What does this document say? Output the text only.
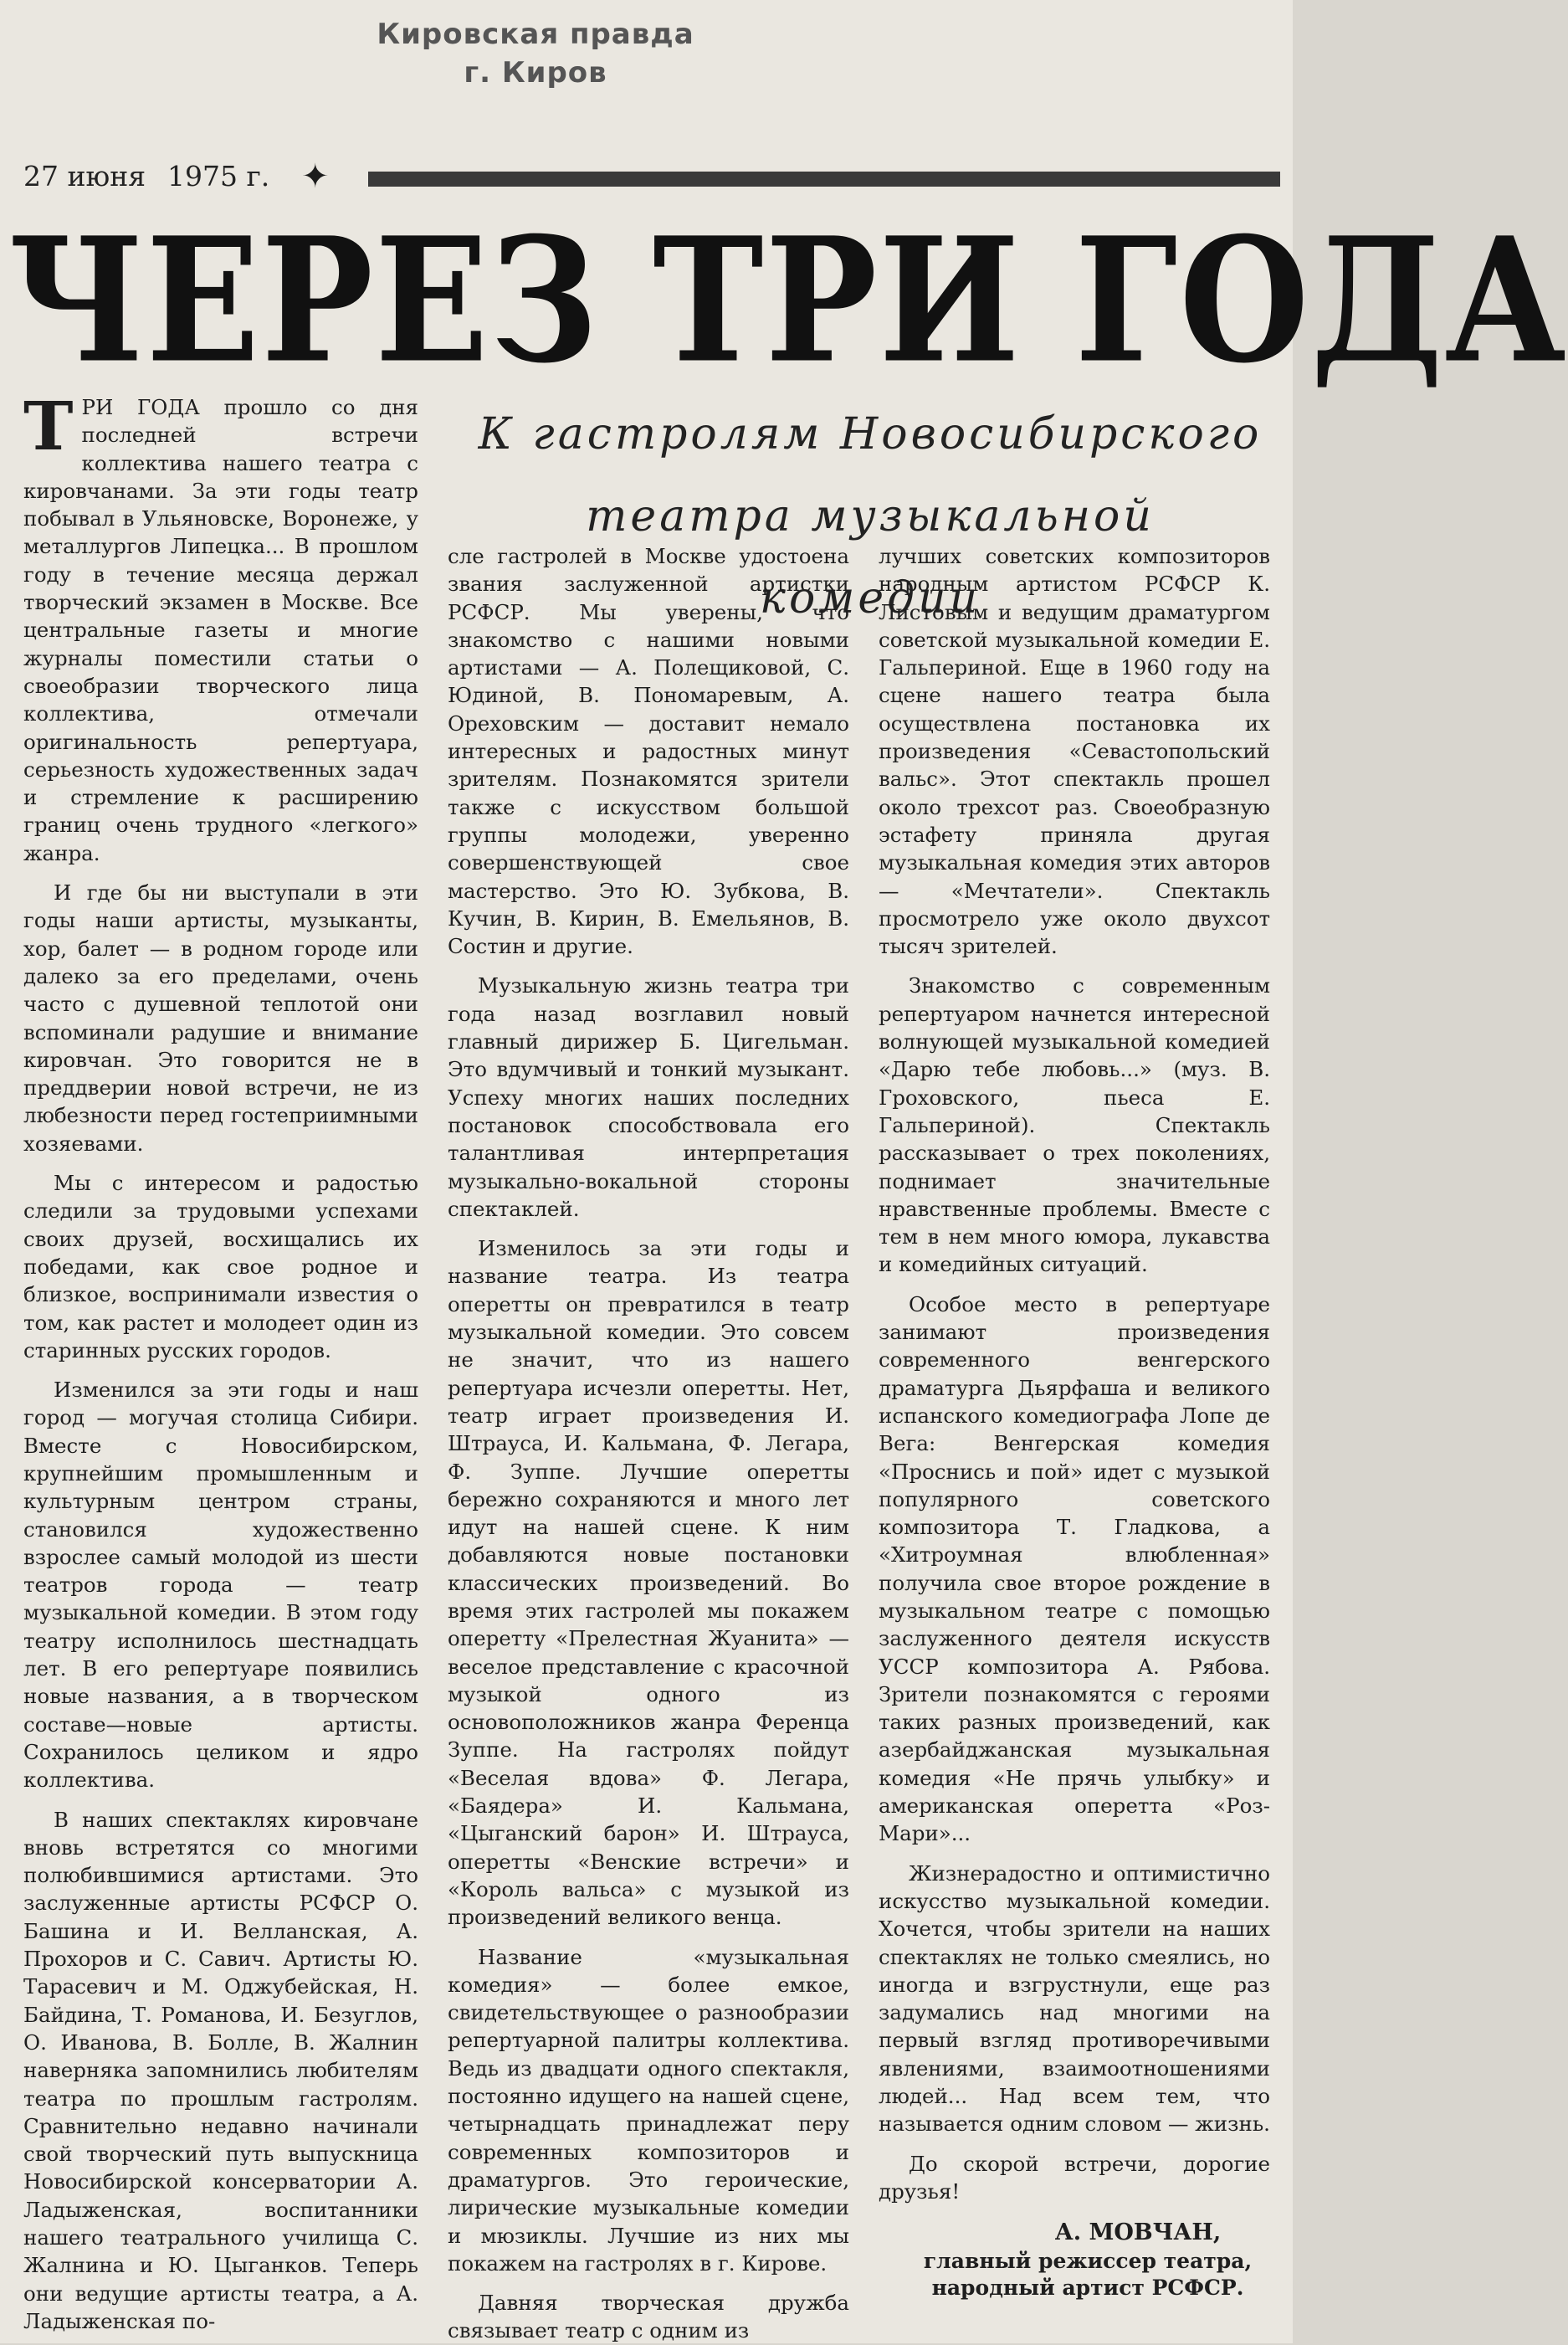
Кировская правда
г. Киров
27 июня 1975 г. ✦
ЧЕРЕЗ ТРИ ГОДА
К гастролям Новосибирского
театра музыкальной комедии

ТРИ ГОДА прошло со дня последней встречи коллектива нашего театра с кировчанами. За эти годы театр побывал в Ульяновске, Воронеже, у металлургов Липецка... В прошлом году в течение месяца держал творческий экзамен в Москве. Все центральные газеты и многие журналы поместили статьи о своеобразии творческого лица коллектива, отмечали оригинальность репертуара, серьезность художественных задач и стремление к расширению границ очень трудного «легкого» жанра.

И где бы ни выступали в эти годы наши артисты, музыканты, хор, балет — в родном городе или далеко за его пределами, очень часто с душевной теплотой они вспоминали радушие и внимание кировчан. Это говорится не в преддверии новой встречи, не из любезности перед гостеприимными хозяевами.

Мы с интересом и радостью следили за трудовыми успехами своих друзей, восхищались их победами, как свое родное и близкое, воспринимали известия о том, как растет и молодеет один из старинных русских городов.

Изменился за эти годы и наш город — могучая столица Сибири. Вместе с Новосибирском, крупнейшим промышленным и культурным центром страны, становился художественно взрослее самый молодой из шести театров города — театр музыкальной комедии. В этом году театру исполнилось шестнадцать лет. В его репертуаре появились новые названия, а в творческом составе—новые артисты. Сохранилось целиком и ядро коллектива.

В наших спектаклях кировчане вновь встретятся со многими полюбившимися артистами. Это заслуженные артисты РСФСР О. Башина и И. Велланская, А. Прохоров и С. Савич. Артисты Ю. Тарасевич и М. Оджубейская, Н. Байдина, Т. Романова, И. Безуглов, О. Иванова, В. Болле, В. Жалнин наверняка запомнились любителям театра по прошлым гастролям. Сравнительно недавно начинали свой творческий путь выпускница Новосибирской консерватории А. Ладыженская, воспитанники нашего театрального училища С. Жалнина и Ю. Цыганков. Теперь они ведущие артисты театра, а А. Ладыженская по-

сле гастролей в Москве удостоена звания заслуженной артистки РСФСР. Мы уверены, что знакомство с нашими новыми артистами — А. Полещиковой, С. Юдиной, В. Пономаревым, А. Ореховским — доставит немало интересных и радостных минут зрителям. Познакомятся зрители также с искусством большой группы молодежи, уверенно совершенствующей свое мастерство. Это Ю. Зубкова, В. Кучин, В. Кирин, В. Емельянов, В. Состин и другие.

Музыкальную жизнь театра три года назад возглавил новый главный дирижер Б. Цигельман. Это вдумчивый и тонкий музыкант. Успеху многих наших последних постановок способствовала его талантливая интерпретация музыкально-вокальной стороны спектаклей.

Изменилось за эти годы и название театра. Из театра оперетты он превратился в театр музыкальной комедии. Это совсем не значит, что из нашего репертуара исчезли оперетты. Нет, театр играет произведения И. Штрауса, И. Кальмана, Ф. Легара, Ф. Зуппе. Лучшие оперетты бережно сохраняются и много лет идут на нашей сцене. К ним добавляются новые постановки классических произведений. Во время этих гастролей мы покажем оперетту «Прелестная Жуанита» — веселое представление с красочной музыкой одного из основоположников жанра Ференца Зуппе. На гастролях пойдут «Веселая вдова» Ф. Легара, «Баядера» И. Кальмана, «Цыганский барон» И. Штрауса, оперетты «Венские встречи» и «Король вальса» с музыкой из произведений великого венца.

Название «музыкальная комедия» — более емкое, свидетельствующее о разнообразии репертуарной палитры коллектива. Ведь из двадцати одного спектакля, постоянно идущего на нашей сцене, четырнадцать принадлежат перу современных композиторов и драматургов. Это героические, лирические музыкальные комедии и мюзиклы. Лучшие из них мы покажем на гастролях в г. Кирове.

Давняя творческая дружба связывает театр с одним из

лучших советских композиторов народным артистом РСФСР К. Листовым и ведущим драматургом советской музыкальной комедии Е. Гальпериной. Еще в 1960 году на сцене нашего театра была осуществлена постановка их произведения «Севастопольский вальс». Этот спектакль прошел около трехсот раз. Своеобразную эстафету приняла другая музыкальная комедия этих авторов — «Мечтатели». Спектакль просмотрело уже около двухсот тысяч зрителей.

Знакомство с современным репертуаром начнется интересной волнующей музыкальной комедией «Дарю тебе любовь...» (муз. В. Гроховского, пьеса Е. Гальпериной). Спектакль рассказывает о трех поколениях, поднимает значительные нравственные проблемы. Вместе с тем в нем много юмора, лукавства и комедийных ситуаций.

Особое место в репертуаре занимают произведения современного венгерского драматурга Дьярфаша и великого испанского комедиографа Лопе де Вега: Венгерская комедия «Проснись и пой» идет с музыкой популярного советского композитора Т. Гладкова, а «Хитроумная влюбленная» получила свое второе рождение в музыкальном театре с помощью заслуженного деятеля искусств УССР композитора А. Рябова. Зрители познакомятся с героями таких разных произведений, как азербайджанская музыкальная комедия «Не прячь улыбку» и американская оперетта «Роз-Мари»...

Жизнерадостно и оптимистично искусство музыкальной комедии. Хочется, чтобы зрители на наших спектаклях не только смеялись, но иногда и взгрустнули, еще раз задумались над многими на первый взгляд противоречивыми явлениями, взаимоотношениями людей... Над всем тем, что называется одним словом — жизнь.

До скорой встречи, дорогие друзья!

А. МОВЧАН,
главный режиссер театра, народный артист РСФСР.
